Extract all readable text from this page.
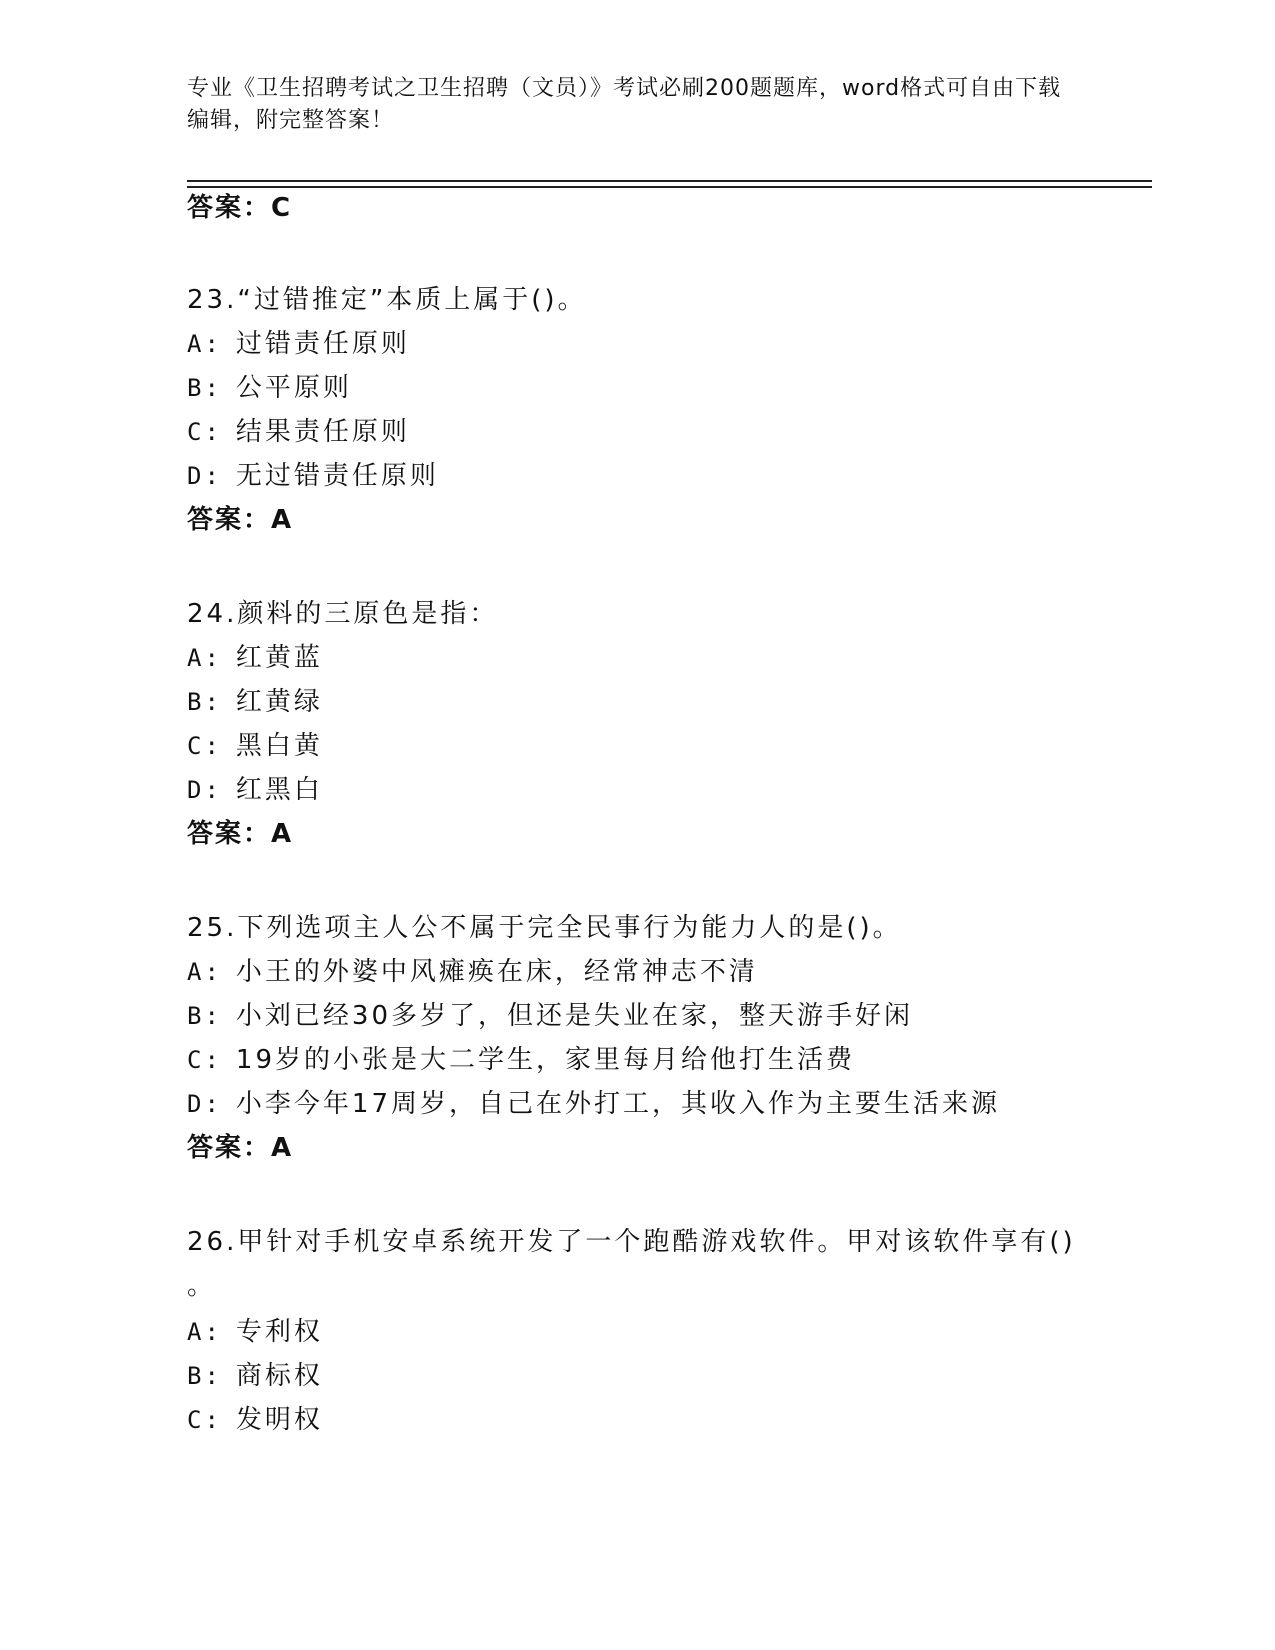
专业《卫生招聘考试之卫生招聘（文员）》考试必刷200题题库，word格式可自由下载编辑，附完整答案！
答案：C
23.“过错推定”本质上属于()。
A: 过错责任原则
B: 公平原则
C: 结果责任原则
D: 无过错责任原则
答案：A
24.颜料的三原色是指：
A: 红黄蓝
B: 红黄绿
C: 黑白黄
D: 红黑白
答案：A
25.下列选项主人公不属于完全民事行为能力人的是()。
A: 小王的外婆中风瘫痪在床，经常神志不清
B: 小刘已经30多岁了，但还是失业在家，整天游手好闲
C: 19岁的小张是大二学生，家里每月给他打生活费
D: 小李今年17周岁，自己在外打工，其收入作为主要生活来源
答案：A
26.甲针对手机安卓系统开发了一个跑酷游戏软件。甲对该软件享有()
。
A: 专利权
B: 商标权
C: 发明权
